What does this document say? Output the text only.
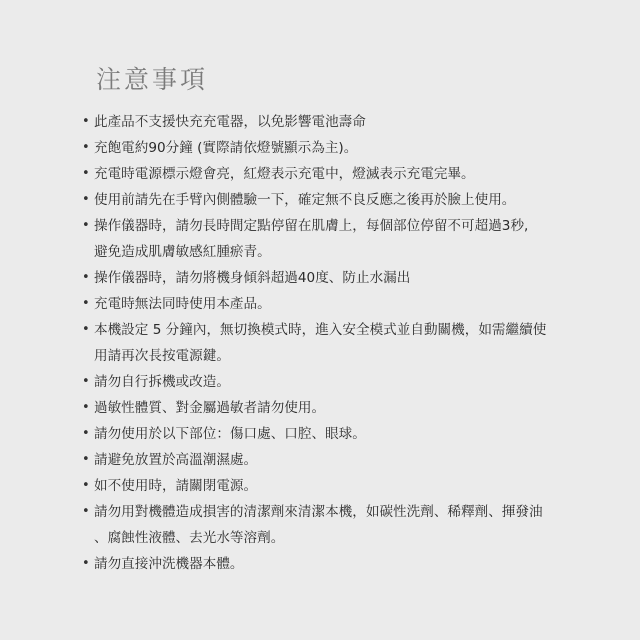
注意事項
• 此產品不支援快充充電器，以免影響電池壽命
• 充飽電約90分鐘 (實際請依燈號顯示為主)。
• 充電時電源標示燈會亮，紅燈表示充電中，燈滅表示充電完畢。
• 使用前請先在手臂內側體驗一下，確定無不良反應之後再於臉上使用。
• 操作儀器時，請勿長時間定點停留在肌膚上，每個部位停留不可超過3秒,
避免造成肌膚敏感紅腫瘀青。
• 操作儀器時，請勿將機身傾斜超過40度、防止水漏出
• 充電時無法同時使用本產品。
• 本機設定 5 分鐘內，無切換模式時，進入安全模式並自動關機，如需繼續使
用請再次長按電源鍵。
• 請勿自行拆機或改造。
• 過敏性體質、對金屬過敏者請勿使用。
• 請勿使用於以下部位：傷口處、口腔、眼球。
• 請避免放置於高溫潮濕處。
• 如不使用時，請關閉電源。
• 請勿用對機體造成損害的清潔劑來清潔本機，如碳性洗劑、稀釋劑、揮發油
、腐蝕性液體、去光水等溶劑。
• 請勿直接沖洗機器本體。
